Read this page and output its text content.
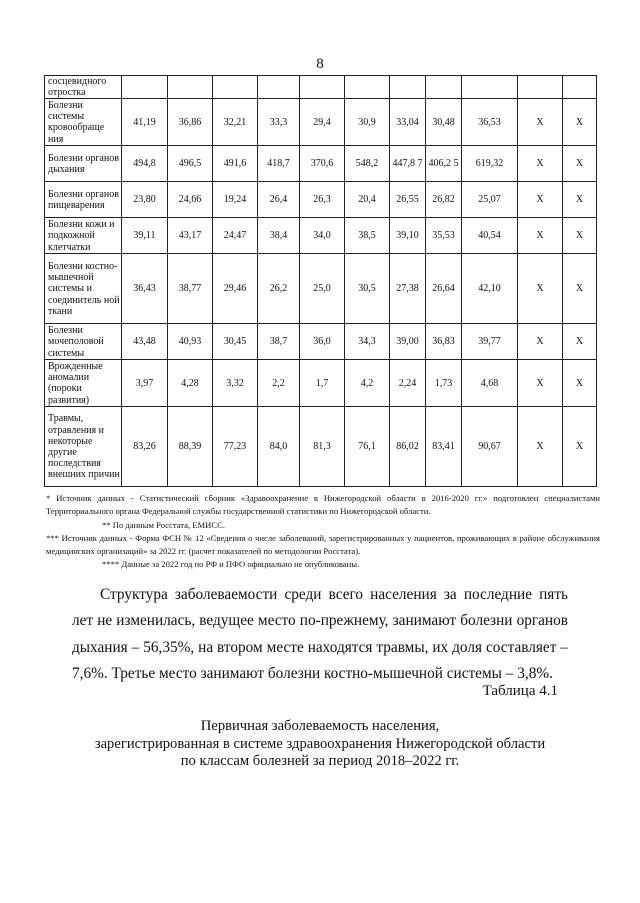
8
сосцевидного отростка											
Болезни системы кровообраще ния	41,19	36,86	32,21	33,3	29,4	30,9	33,04	30,48	36,53	X	X
Болезни органов дыхания	494,8	496,5	491,6	418,7	370,6	548,2	447,8 7	406,2 5	619,32	X	X
Болезни органов пищеварения	23,80	24,66	19,24	26,4	26,3	20,4	26,55	26,82	25,07	X	X
Болезни кожи и подкожной клетчатки	39,11	43,17	24,47	38,4	34,0	38,5	39,10	35,53	40,54	X	X
Болезни костно-мышечной системы и соединитель ной ткани	36,43	38,77	29,46	26,2	25,0	30,5	27,38	26,64	42,10	X	X
Болезни мочеполовой системы	43,48	40,93	30,45	38,7	36,0	34,3	39,00	36,83	39,77	X	X
Врожденные аномалии (пороки развития)	3,97	4,28	3,32	2,2	1,7	4,2	2,24	1,73	4,68	X	X
Травмы, отравления и некоторые другие последствия внешних причин	83,26	88,39	77,23	84,0	81,3	76,1	86,02	83,41	90,67	X	X
* Источник данных - Статистический сборник «Здравоохранение в Нижегородской области в 2016-2020 гг.» подготовлен специалистами Территориального органа Федеральной службы государственной статистики по Нижегородской области.
** По данным Росстата, ЕМИСС.
*** Источник данных - Форма ФСН № 12 «Сведения о числе заболеваний, зарегистрированных у пациентов, проживающих в районе обслуживания медицинских организаций» за 2022 гг. (расчет показателей по методологии Росстата).
**** Данные за 2022 год по РФ и ПФО официально не опубликованы.
Структура заболеваемости среди всего населения за последние пять лет не изменилась, ведущее место по-прежнему, занимают болезни органов дыхания – 56,35%, на втором месте находятся травмы, их доля составляет – 7,6%. Третье место занимают болезни костно-мышечной системы – 3,8%.
Таблица 4.1
Первичная заболеваемость населения,
зарегистрированная в системе здравоохранения Нижегородской области
по классам болезней за период 2018–2022 гг.
